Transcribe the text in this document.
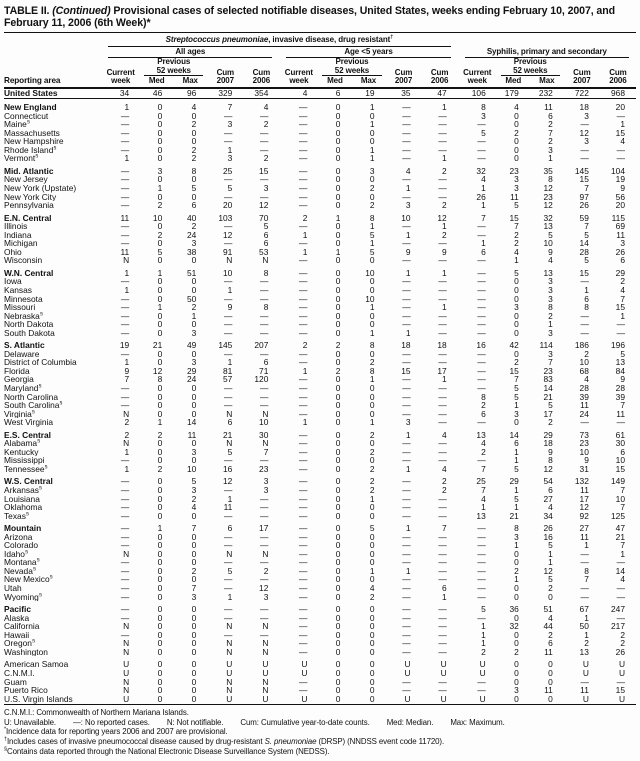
TABLE II. (Continued) Provisional cases of selected notifiable diseases, United States, weeks ending February 10, 2007, and February 11, 2006 (6th Week)*
Reporting area	Streptococcus pneumoniae, invasive disease, drug resistant†

	All ages					Age <5 years					Syphilis, primary and secondary				

Current
week

Previous
52 weeks	Cum
2007

Cum
2006

Current
week

Previous
52 weeks	Cum
2007

Cum
2006

Current
week

Previous
52 weeks	Cum
2007

Cum
2006

		Med	Max				Med	Max				Med	Max		
United States	34	46	96	329	354	4	6	19	35	47	106	179	232	722	968
New England	1	0	4	7	4	—	0	1	—	1	8	4	11	18	20
Connecticut	—	0	0	—	—	—	0	0	—	—	3	0	6	3	—
Maine§	—	0	2	3	2	—	0	1	—	—	—	0	2	—	1
Massachusetts	—	0	0	—	—	—	0	0	—	—	5	2	7	12	15
New Hampshire	—	0	0	—	—	—	0	0	—	—	—	0	2	3	4
Rhode Island§	—	0	2	1	—	—	0	1	—	—	—	0	3	—	—
Vermont§	1	0	2	3	2	—	0	1	—	1	—	0	1	—	—
Mid. Atlantic	—	3	8	25	15	—	0	3	4	2	32	23	35	145	104
New Jersey	—	0	0	—	—	—	0	0	—	—	4	3	8	15	19
New York (Upstate)	—	1	5	5	3	—	0	2	1	—	1	3	12	7	9
New York City	—	0	0	—	—	—	0	0	—	—	26	11	23	97	56
Pennsylvania	—	2	6	20	12	—	0	2	3	2	1	5	12	26	20
E.N. Central	11	10	40	103	70	2	1	8	10	12	7	15	32	59	115
Illinois	—	0	2	—	5	—	0	1	—	1	—	7	13	7	69
Indiana	—	2	24	12	6	1	0	5	1	2	—	2	5	5	11
Michigan	—	0	3	—	6	—	0	1	—	—	1	2	10	14	3
Ohio	11	5	38	91	53	1	1	5	9	9	6	4	9	28	26
Wisconsin	N	0	0	N	N	—	0	0	—	—	—	1	4	5	6
W.N. Central	1	1	51	10	8	—	0	10	1	1	—	5	13	15	29
Iowa	—	0	0	—	—	—	0	0	—	—	—	0	3	—	2
Kansas	1	0	0	1	—	—	0	0	—	—	—	0	3	1	4
Minnesota	—	0	50	—	—	—	0	10	—	—	—	0	3	6	7
Missouri	—	1	2	9	8	—	0	1	—	1	—	3	8	8	15
Nebraska§	—	0	1	—	—	—	0	0	—	—	—	0	2	—	1
North Dakota	—	0	0	—	—	—	0	0	—	—	—	0	1	—	—
South Dakota	—	0	3	—	—	—	0	1	1	—	—	0	3	—	—
S. Atlantic	19	21	49	145	207	2	2	8	18	18	16	42	114	186	196
Delaware	—	0	0	—	—	—	0	0	—	—	—	0	3	2	5
District of Columbia	1	0	3	1	6	—	0	2	—	—	—	2	7	10	13
Florida	9	12	29	81	71	1	2	8	15	17	—	15	23	68	84
Georgia	7	8	24	57	120	—	0	1	—	1	—	7	83	4	9
Maryland§	—	0	0	—	—	—	0	0	—	—	—	5	14	28	28
North Carolina	—	0	0	—	—	—	0	0	—	—	8	5	21	39	39
South Carolina§	—	0	0	—	—	—	0	0	—	—	2	1	5	11	7
Virginia§	N	0	0	N	N	—	0	0	—	—	6	3	17	24	11
West Virginia	2	1	14	6	10	1	0	1	3	—	—	0	2	—	—
E.S. Central	2	2	11	21	30	—	0	2	1	4	13	14	29	73	61
Alabama§	N	0	0	N	N	—	0	0	—	—	4	6	18	23	30
Kentucky	1	0	3	5	7	—	0	2	—	—	2	1	9	10	6
Mississippi	—	0	0	—	—	—	0	0	—	—	—	1	8	9	10
Tennessee§	1	2	10	16	23	—	0	2	1	4	7	5	12	31	15
W.S. Central	—	0	5	12	3	—	0	2	—	2	25	29	54	132	149
Arkansas§	—	0	3	—	3	—	0	2	—	2	7	1	6	11	7
Louisiana	—	0	2	1	—	—	0	1	—	—	4	5	27	17	10
Oklahoma	—	0	4	11	—	—	0	0	—	—	1	1	4	12	7
Texas§	—	0	0	—	—	—	0	0	—	—	13	21	34	92	125
Mountain	—	1	7	6	17	—	0	5	1	7	—	8	26	27	47
Arizona	—	0	0	—	—	—	0	0	—	—	—	3	16	11	21
Colorado	—	0	0	—	—	—	0	0	—	—	—	1	5	1	7
Idaho§	N	0	0	N	N	—	0	0	—	—	—	0	1	—	1
Montana§	—	0	0	—	—	—	0	0	—	—	—	0	1	—	—
Nevada§	—	0	2	5	2	—	0	1	1	—	—	2	12	8	14
New Mexico§	—	0	0	—	—	—	0	0	—	—	—	1	5	7	4
Utah	—	0	7	—	12	—	0	4	—	6	—	0	2	—	—
Wyoming§	—	0	3	1	3	—	0	2	—	1	—	0	0	—	—
Pacific	—	0	0	—	—	—	0	0	—	—	5	36	51	67	247
Alaska	—	0	0	—	—	—	0	0	—	—	—	0	4	1	—
California	N	0	0	N	N	—	0	0	—	—	1	32	44	50	217
Hawaii	—	0	0	—	—	—	0	0	—	—	1	0	2	1	2
Oregon§	N	0	0	N	N	—	0	0	—	—	1	0	6	2	2
Washington	N	0	0	N	N	—	0	0	—	—	2	2	11	13	26
American Samoa	U	0	0	U	U	U	0	0	U	U	U	0	0	U	U
C.N.M.I.	U	0	0	U	U	U	0	0	U	U	U	0	0	U	U
Guam	N	0	0	N	N	—	0	0	—	—	—	0	0	—	—
Puerto Rico	N	0	0	N	N	—	0	0	—	—	—	3	11	11	15
U.S. Virgin Islands	U	0	0	U	U	U	0	0	U	U	U	0	0	U	U
C.N.M.I.: Commonwealth of Northern Mariana Islands.
U: Unavailable. —: No reported cases. N: Not notifiable. Cum: Cumulative year-to-date counts. Med: Median. Max: Maximum.
*Incidence data for reporting years 2006 and 2007 are provisional.
†Includes cases of invasive pneumococcal disease caused by drug-resistant S. pneumoniae (DRSP) (NNDSS event code 11720).
§Contains data reported through the National Electronic Disease Surveillance System (NEDSS).
